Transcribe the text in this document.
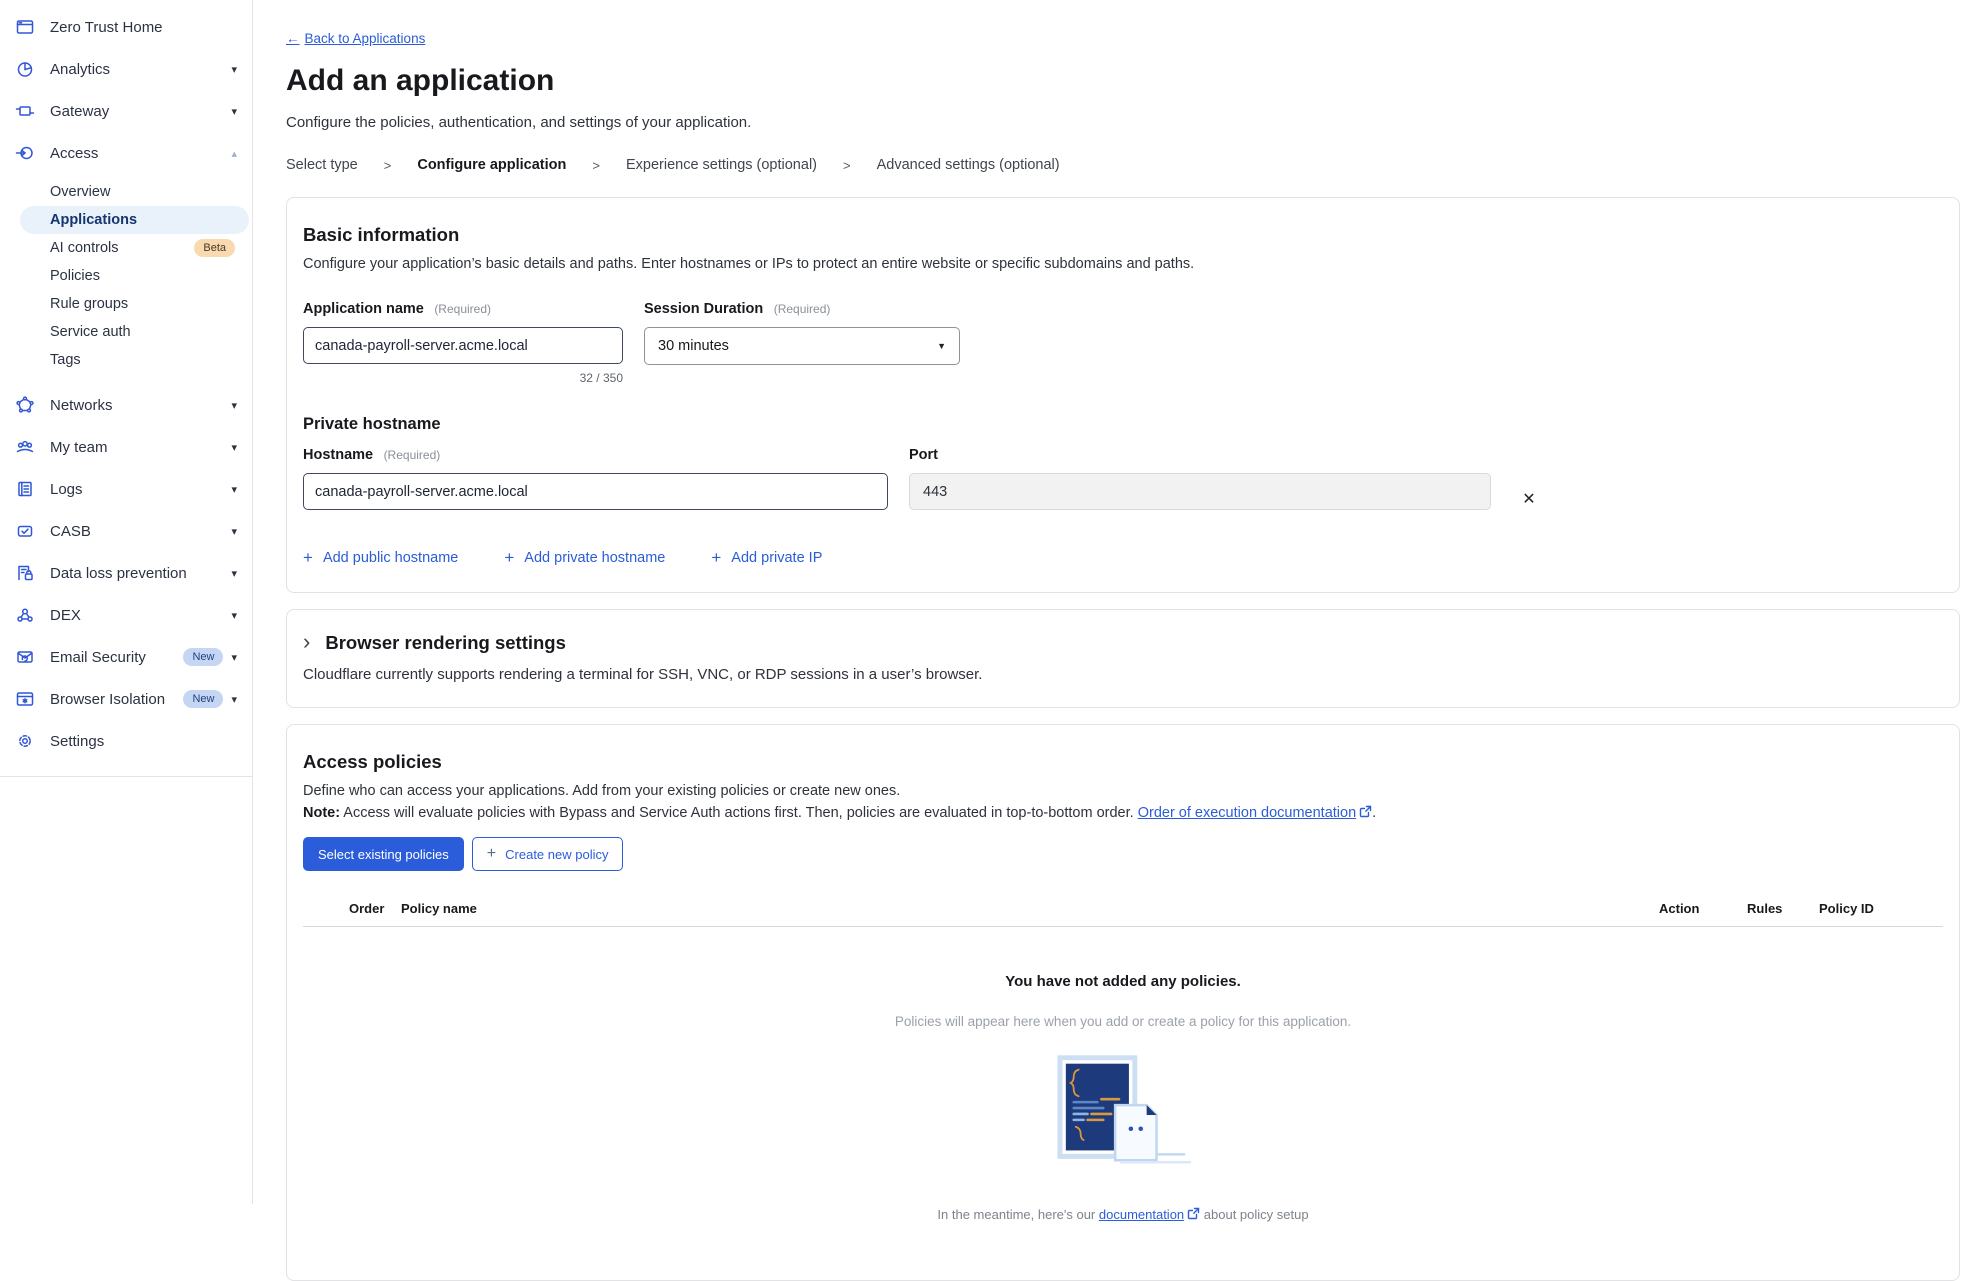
Zero Trust Home
Analytics	▾
Gateway	▾
Access	▴
Overview
Applications
AI controls	Beta
Policies
Rule groups
Service auth
Tags
Networks	▾
My team	▾
Logs	▾
CASB	▾
Data loss prevention	▾
DEX	▾
Email Security	New	▾
Browser Isolation	New	▾
Settings
← Back to Applications
Add an application
Configure the policies, authentication, and settings of your application.
Select type > Configure application > Experience settings (optional) > Advanced settings (optional)
Basic information
Configure your application’s basic details and paths. Enter hostnames or IPs to protect an entire website or specific subdomains and paths.
Application name (Required)
canada-payroll-server.acme.local
32 / 350
Session Duration (Required)
30 minutes	▼
Private hostname
Hostname (Required)
canada-payroll-server.acme.local	Port
443
✕
+ Add public hostname	+ Add private hostname	+ Add private IP
› Browser rendering settings
Cloudflare currently supports rendering a terminal for SSH, VNC, or RDP sessions in a user’s browser.
Access policies
Define who can access your applications. Add from your existing policies or create new ones.
Note: Access will evaluate policies with Bypass and Service Auth actions first. Then, policies are evaluated in top-to-bottom order. Order of execution documentation .
Select existing policies	+ Create new policy
Order	Policy name	Action	Rules	Policy ID
You have not added any policies.
Policies will appear here when you add or create a policy for this application.
In the meantime, here's our documentation about policy setup
